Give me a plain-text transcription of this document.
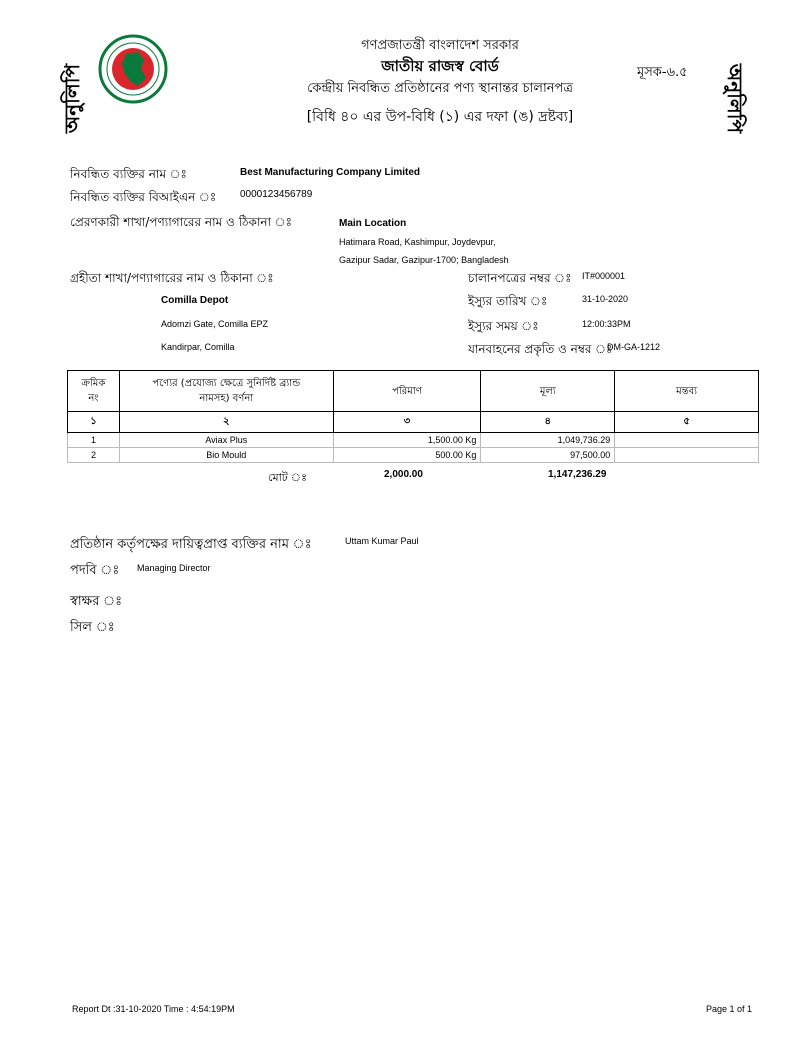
গণপ্রজাতন্ত্রী বাংলাদেশ সরকার
জাতীয় রাজস্ব বোর্ড
কেন্দ্রীয় নিবন্ধিত প্রতিষ্ঠানের পণ্য স্থানান্তর চালানপত্র
[বিধি ৪০ এর উপ-বিধি (১) এর দফা (ঙ) দ্রষ্টব্য]
মূসক-৬.৫
অনুলিপি	অনুলিপি
নিবন্ধিত ব্যক্তির নাম ঃ	Best Manufacturing Company Limited
নিবন্ধিত ব্যক্তির বিআইএন ঃ 0000123456789
প্রেরণকারী শাখা/পণ্যাগারের নাম ও ঠিকানা ঃ	Main Location
Hatimara Road, Kashimpur, Joydevpur,
Gazipur Sadar, Gazipur-1700; Bangladesh
গ্রহীতা শাখা/পণ্যাগারের নাম ও ঠিকানা ঃ
Comilla Depot
Adomzi Gate, Comilla EPZ
Kandirpar, Comilla
চালানপত্রের নম্বর ঃ IT#000001
ইস্যুর তারিখ ঃ	31-10-2020
ইস্যুর সময় ঃ	12:00:33PM
যানবাহনের প্রকৃতি ও নম্বর ঃ
DM-GA-1212
ক্রমিক
নং	পণ্যের (প্রযোজ্য ক্ষেত্রে সুনির্দিষ্ট ব্র্যান্ড
নামসহ) বর্ণনা	পরিমাণ	মূল্য	মন্তব্য
১	২	৩	৪	৫
1	Aviax Plus	1,500.00 Kg	1,049,736.29	
2	Bio Mould	500.00 Kg	97,500.00	
মোট ঃ	2,000.00	1,147,236.29
প্রতিষ্ঠান কর্তৃপক্ষের দায়িত্বপ্রাপ্ত ব্যক্তির নাম ঃ	Uttam Kumar Paul
পদবি ঃ Managing Director
স্বাক্ষর ঃ
সিল ঃ
Report Dt :31-10-2020 Time : 4:54:19PM	Page 1 of 1
